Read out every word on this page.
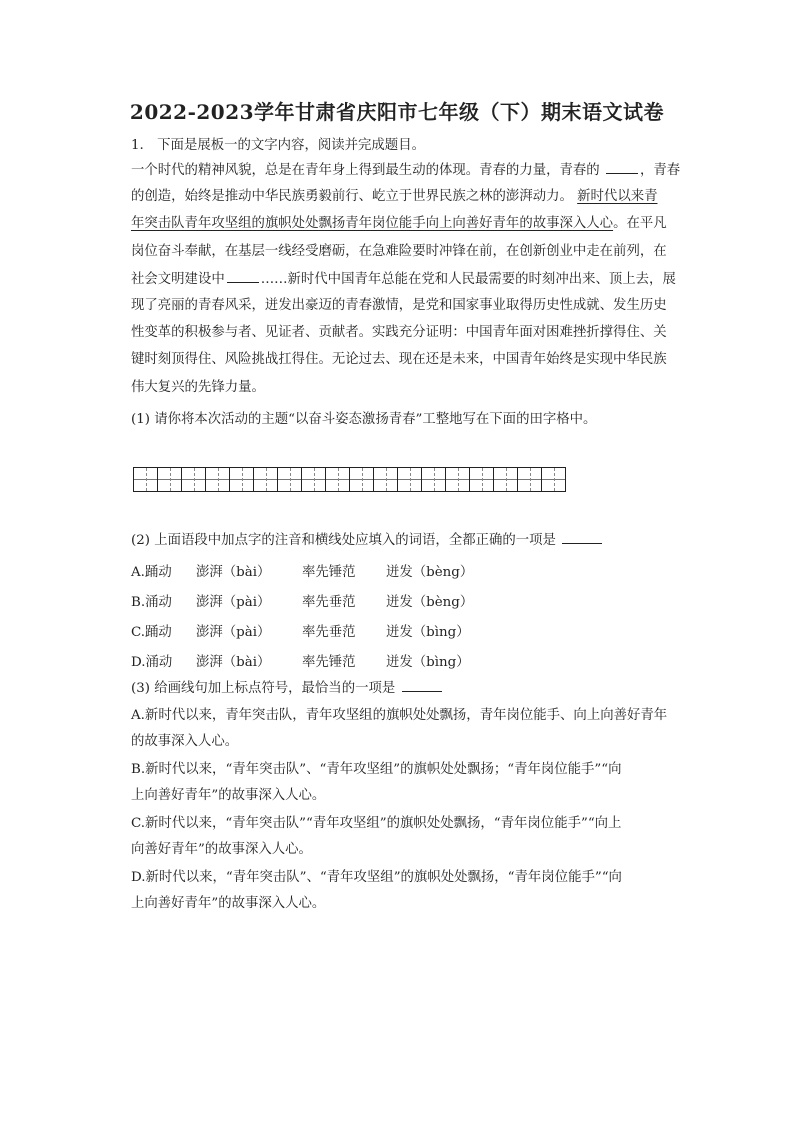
2022-2023学年甘肃省庆阳市七年级（下）期末语文试卷
1.　下面是展板一的文字内容，阅读并完成题目。
一个时代的精神风貌，总是在青年身上得到最生动的体现。青春的力量，青春的	，青春
的创造，始终是推动中华民族勇毅前行、屹立于世界民族之林的澎湃动力。 新时代以来青
年突击队青年攻坚组的旗帜处处飘扬青年岗位能手向上向善好青年的故事深入人心。在平凡
岗位奋斗奉献，在基层一线经受磨砺，在急难险要时冲锋在前，在创新创业中走在前列，在
社会文明建设中	……新时代中国青年总能在党和人民最需要的时刻冲出来、顶上去，展
现了亮丽的青春风采，迸发出豪迈的青春激情，是党和国家事业取得历史性成就、发生历史
性变革的积极参与者、见证者、贡献者。实践充分证明：中国青年面对困难挫折撑得住、关
键时刻顶得住、风险挑战扛得住。无论过去、现在还是未来，中国青年始终是实现中华民族
伟大复兴的先锋力量。
(1) 请你将本次活动的主题“以奋斗姿态激扬青春”工整地写在下面的田字格中。

(2) 上面语段中加点字的注音和横线处应填入的词语，全都正确的一项是
A.踊动 澎湃（bài） 率先锤范 迸发（bèng）
B.涌动 澎湃（pài） 率先垂范 迸发（bèng）
C.踊动 澎湃（pài） 率先垂范 迸发（bìng）
D.涌动 澎湃（bài） 率先锤范 迸发（bìng）
(3) 给画线句加上标点符号，最恰当的一项是
A.新时代以来，青年突击队，青年攻坚组的旗帜处处飘扬，青年岗位能手、向上向善好青年
的故事深入人心。
B.新时代以来，“青年突击队”、“青年攻坚组”的旗帜处处飘扬；“青年岗位能手”“向
上向善好青年”的故事深入人心。
C.新时代以来，“青年突击队”“青年攻坚组”的旗帜处处飘扬，“青年岗位能手”“向上
向善好青年”的故事深入人心。
D.新时代以来，“青年突击队”、“青年攻坚组”的旗帜处处飘扬，“青年岗位能手”“向
上向善好青年”的故事深入人心。
